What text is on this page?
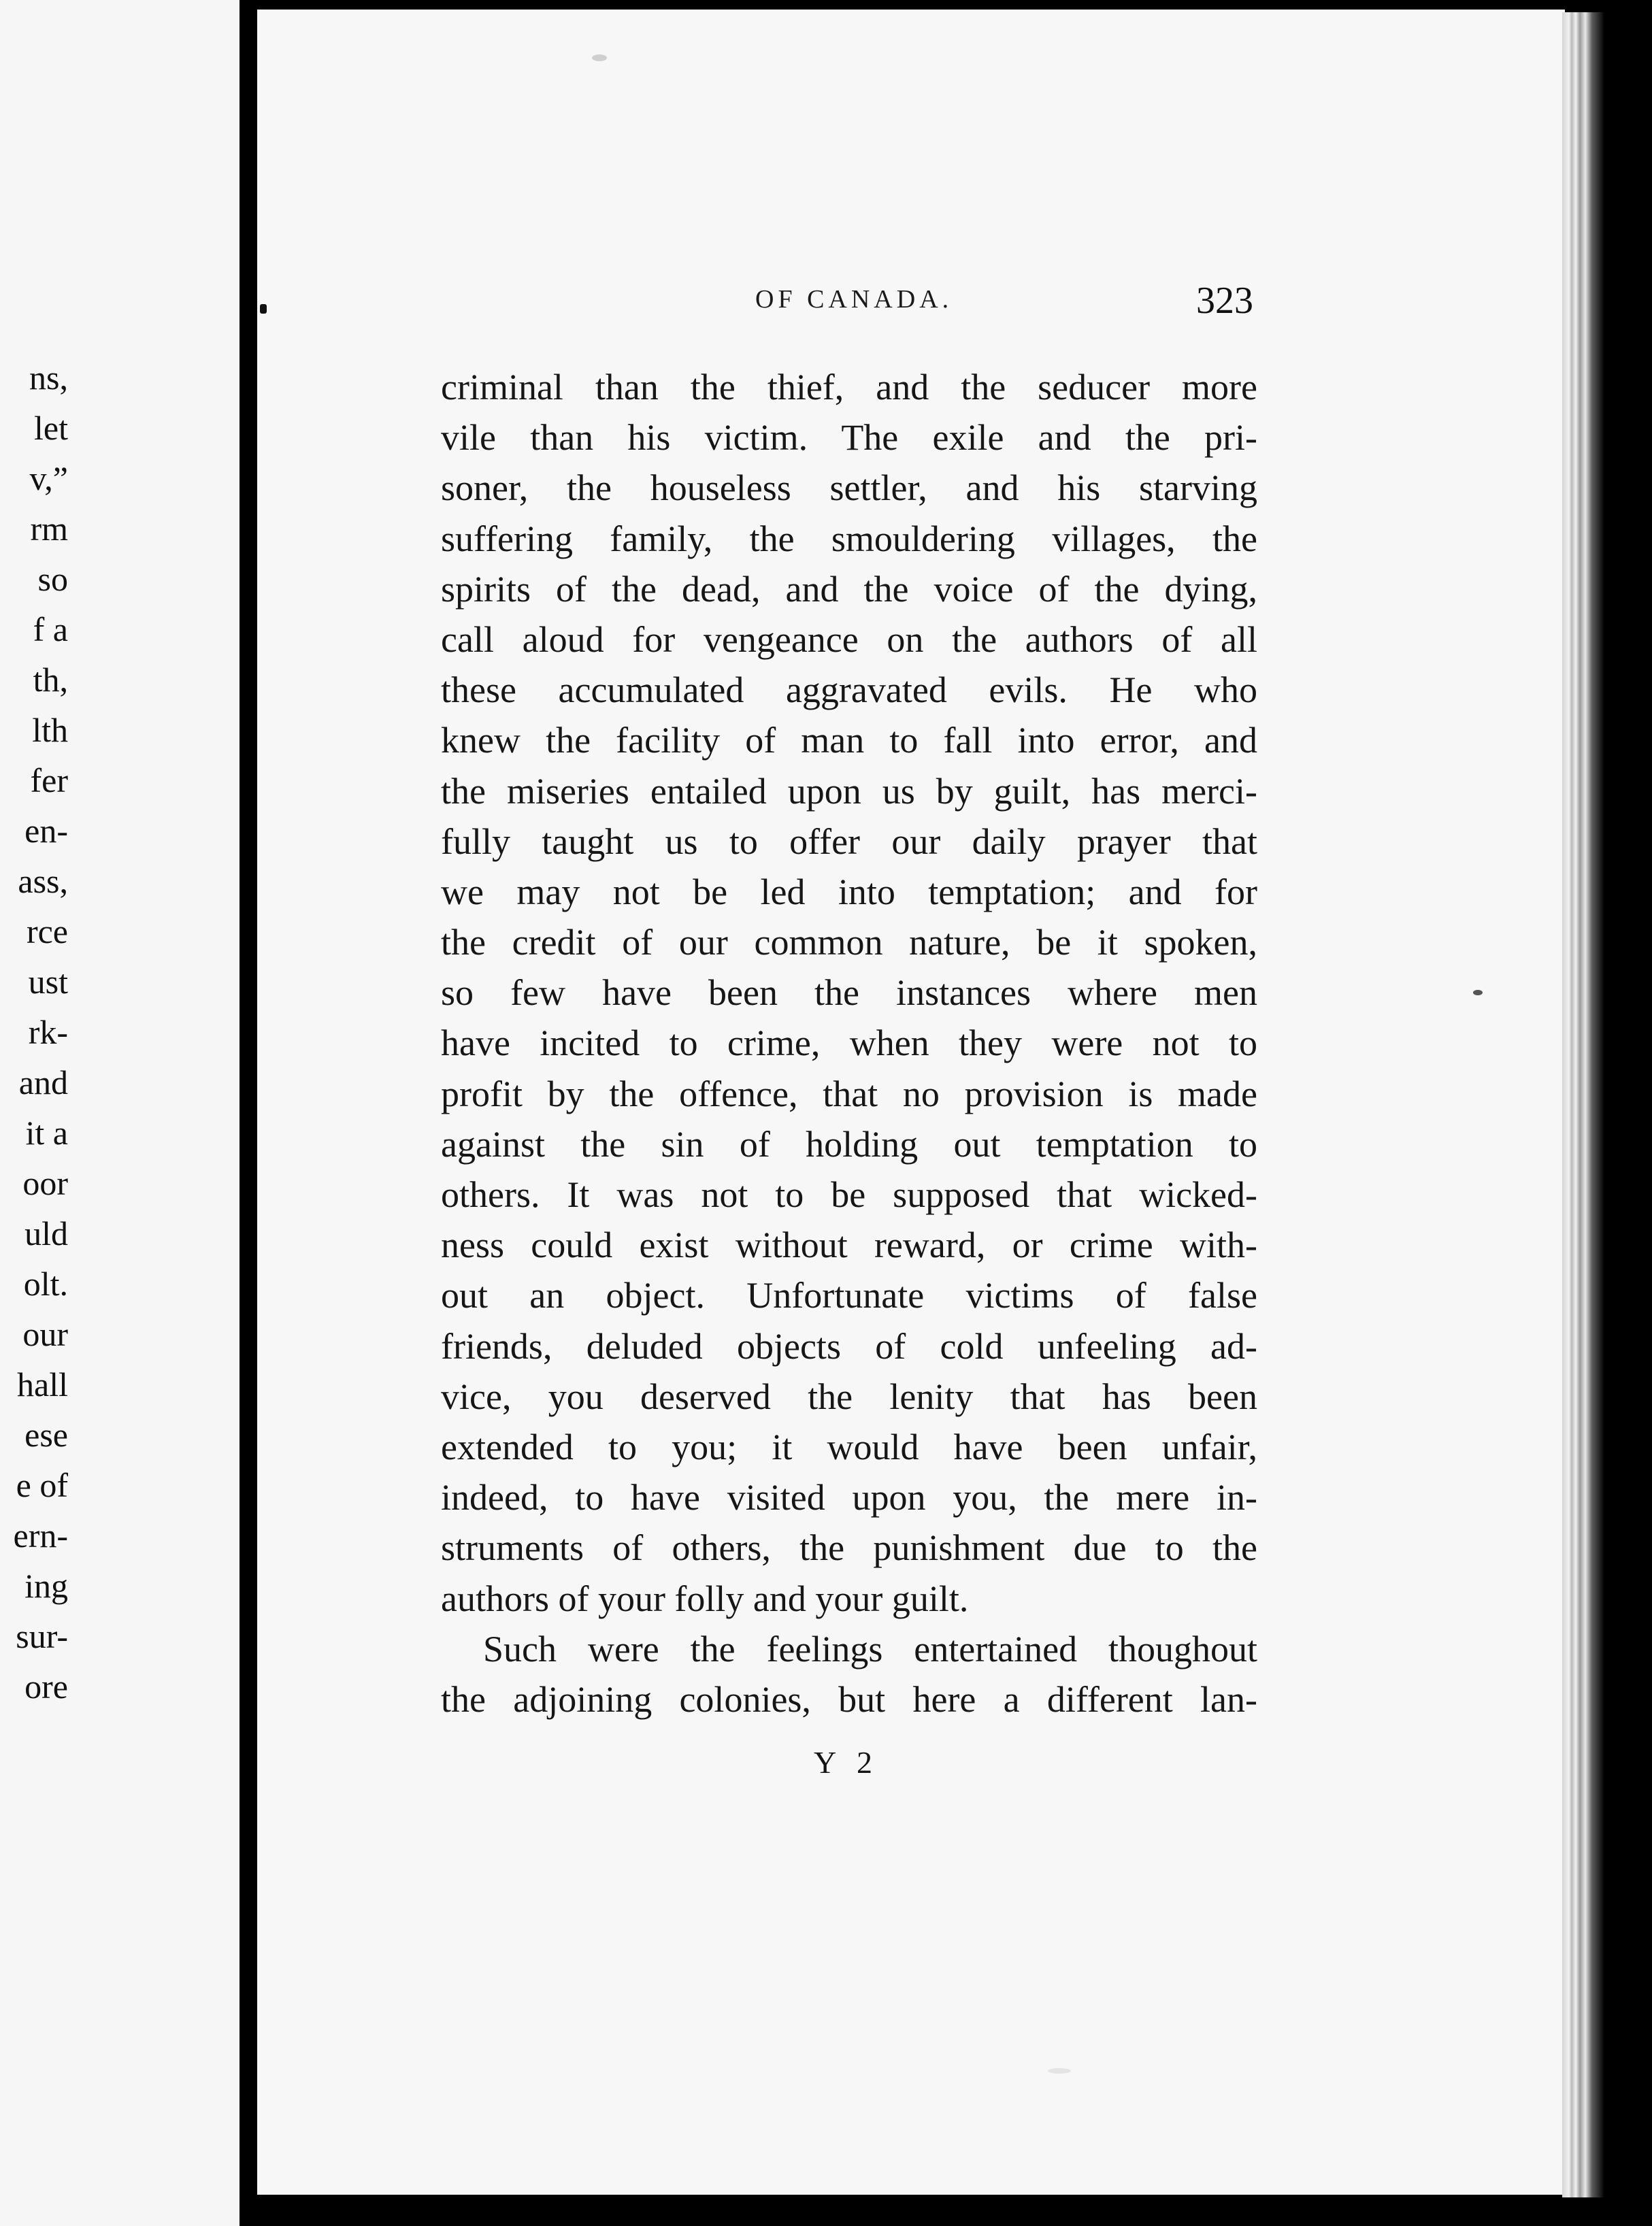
ns,
let
v,”
rm
so
f a
th,
lth
fer
en-
ass,
rce
ust
rk-
and
it a
oor
uld
olt.
our
hall
ese
e of
ern-
ing
sur-
ore
OF CANADA.	323
criminal than the thief, and the seducer more
vile than his victim. The exile and the pri-
soner, the houseless settler, and his starving
suffering family, the smouldering villages, the
spirits of the dead, and the voice of the dying,
call aloud for vengeance on the authors of all
these accumulated aggravated evils. He who
knew the facility of man to fall into error, and
the miseries entailed upon us by guilt, has merci-
fully taught us to offer our daily prayer that
we may not be led into temptation; and for
the credit of our common nature, be it spoken,
so few have been the instances where men
have incited to crime, when they were not to
profit by the offence, that no provision is made
against the sin of holding out temptation to
others. It was not to be supposed that wicked-
ness could exist without reward, or crime with-
out an object. Unfortunate victims of false
friends, deluded objects of cold unfeeling ad-
vice, you deserved the lenity that has been
extended to you; it would have been unfair,
indeed, to have visited upon you, the mere in-
struments of others, the punishment due to the
authors of your folly and your guilt.
Such were the feelings entertained thoughout
the adjoining colonies, but here a different lan-
Y 2
